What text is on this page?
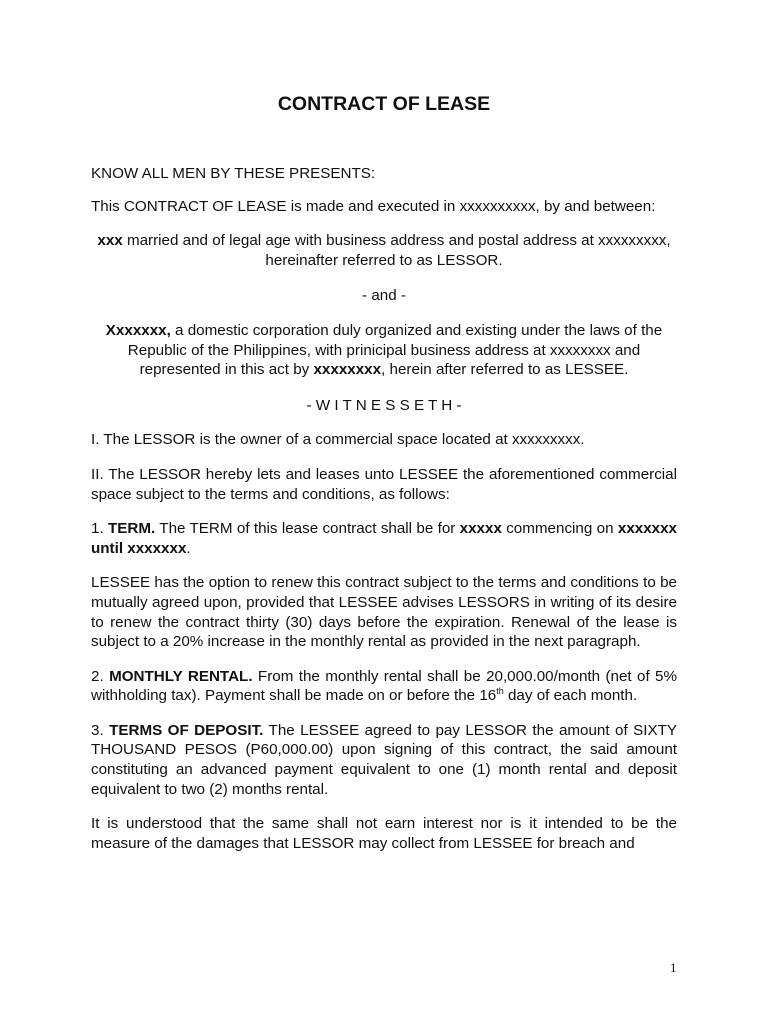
CONTRACT OF LEASE

KNOW ALL MEN BY THESE PRESENTS:

This CONTRACT OF LEASE is made and executed in xxxxxxxxxx, by and between:

xxx married and of legal age with business address and postal address at xxxxxxxxx, hereinafter referred to as LESSOR.

- and -

Xxxxxxx, a domestic corporation duly organized and existing under the laws of the Republic of the Philippines, with prinicipal business address at xxxxxxxx and represented in this act by xxxxxxxx, herein after referred to as LESSEE.

- W I T N E S S E T H -

I. The LESSOR is the owner of a commercial space located at xxxxxxxxx.

II. The LESSOR hereby lets and leases unto LESSEE the aforementioned commercial space subject to the terms and conditions, as follows:

1. TERM. The TERM of this lease contract shall be for xxxxx commencing on xxxxxxx until xxxxxxx.

LESSEE has the option to renew this contract subject to the terms and conditions to be mutually agreed upon, provided that LESSEE advises LESSORS in writing of its desire to renew the contract thirty (30) days before the expiration. Renewal of the lease is subject to a 20% increase in the monthly rental as provided in the next paragraph.

2. MONTHLY RENTAL. From the monthly rental shall be 20,000.00/month (net of 5% withholding tax). Payment shall be made on or before the 16th day of each month.

3. TERMS OF DEPOSIT. The LESSEE agreed to pay LESSOR the amount of SIXTY THOUSAND PESOS (P60,000.00) upon signing of this contract, the said amount constituting an advanced payment equivalent to one (1) month rental and deposit equivalent to two (2) months rental.

It is understood that the same shall not earn interest nor is it intended to be the measure of the damages that LESSOR may collect from LESSEE for breach and

1
